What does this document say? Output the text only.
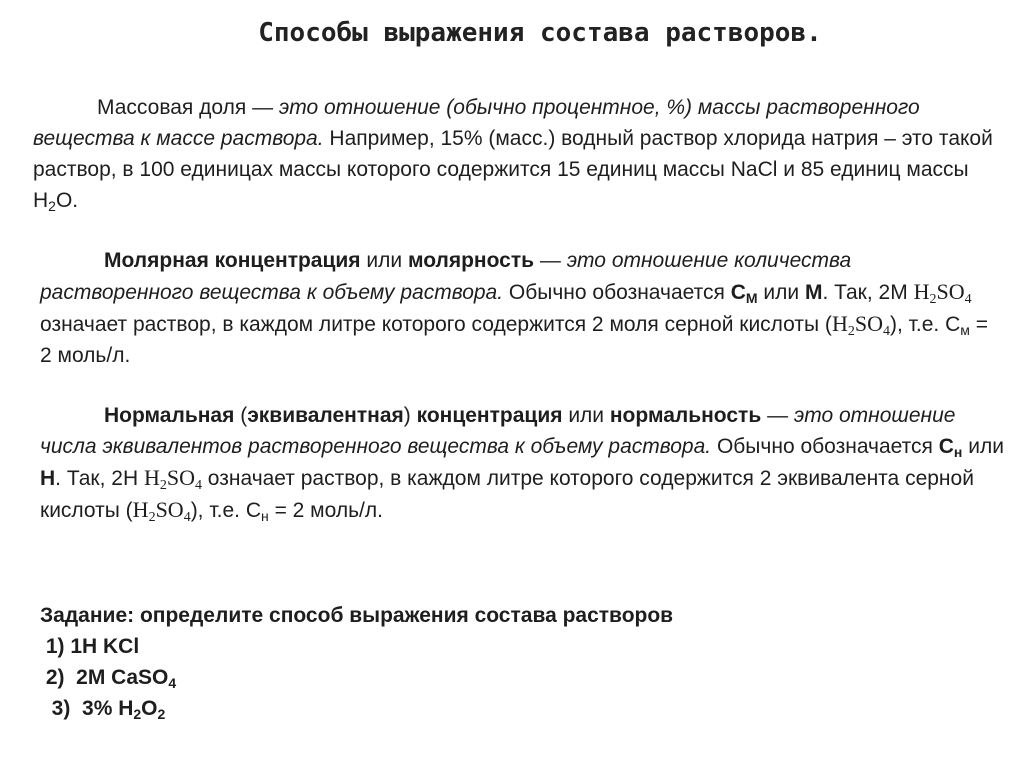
Способы выражения состава растворов.

Массовая доля — это отношение (обычно процентное, %) массы растворенного вещества к массе раствора. Например, 15% (масс.) водный раствор хлорида натрия – это такой раствор, в 100 единицах массы которого содержится 15 единиц массы NaCl и 85 единиц массы $H_2O$.

Молярная концентрация или молярность — это отношение количества растворенного вещества к объему раствора. Обычно обозначается $С_М$ или М. Так, 2М $H_2SO_4$ означает раствор, в каждом литре которого содержится 2 моля серной кислоты $(H_2SO_4)$, т.е. $С_м = 2$ моль/л.

Нормальная (эквивалентная) концентрация или нормальность — это отношение числа эквивалентов растворенного вещества к объему раствора. Обычно обозначается $С_н$ или Н. Так, 2Н $H_2SO_4$ означает раствор, в каждом литре которого содержится 2 эквивалента серной кислоты $(H_2SO_4)$, т.е. $С_н = 2$ моль/л.

Задание: определите способ выражения состава растворов
1) 1Н KCl
2)  2M CaSO$_4$
3)  3% $H_2O_2$
